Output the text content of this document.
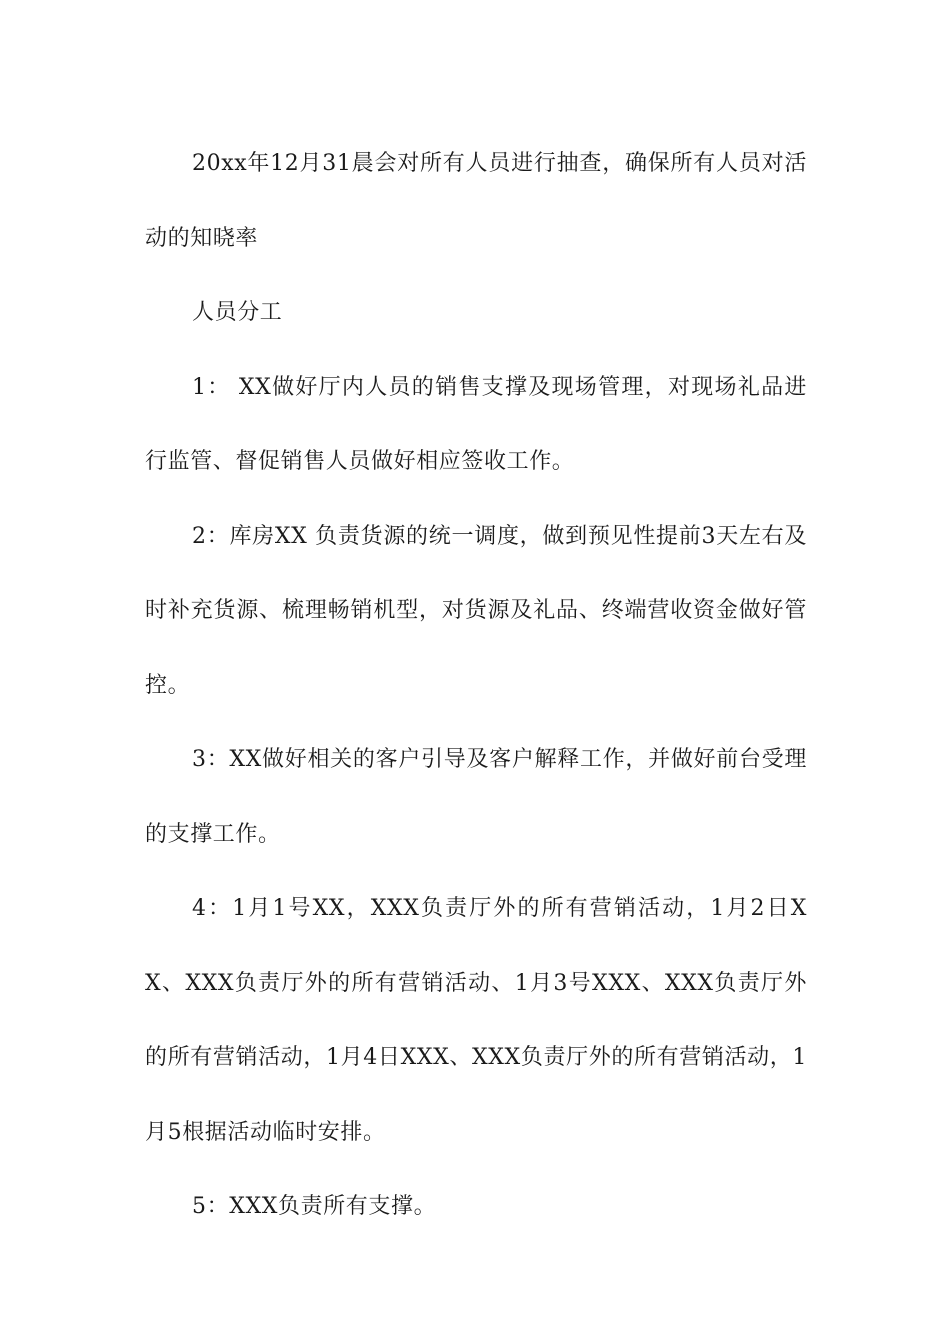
20xx年12月31晨会对所有人员进行抽查，确保所有人员对活动的知晓率

人员分工

1： XX做好厅内人员的销售支撑及现场管理，对现场礼品进行监管、督促销售人员做好相应签收工作。

2：库房XX 负责货源的统一调度，做到预见性提前3天左右及时补充货源、梳理畅销机型，对货源及礼品、终端营收资金做好管控。

3：XX做好相关的客户引导及客户解释工作，并做好前台受理的支撑工作。

4：1月1号XX，XXX负责厅外的所有营销活动，1月2日XX、XXX负责厅外的所有营销活动、1月3号XXX、XXX负责厅外的所有营销活动，1月4日XXX、XXX负责厅外的所有营销活动，1月5根据活动临时安排。

5：XXX负责所有支撑。
